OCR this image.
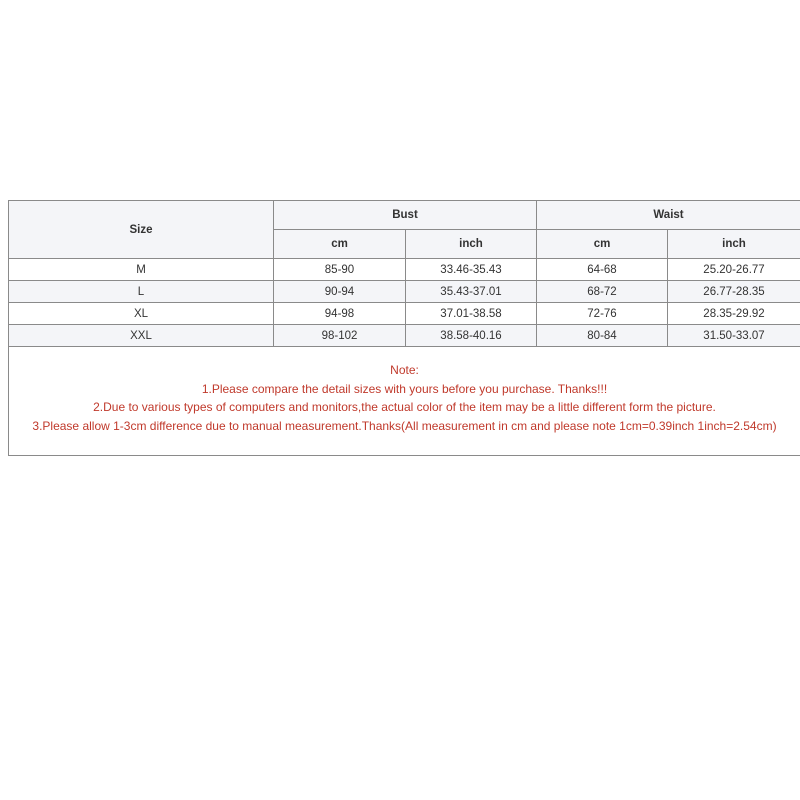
Size	Bust		Waist	
	cm	inch	cm	inch
M	85-90	33.46-35.43	64-68	25.20-26.77
L	90-94	35.43-37.01	68-72	26.77-28.35
XL	94-98	37.01-38.58	72-76	28.35-29.92
XXL	98-102	38.58-40.16	80-84	31.50-33.07

Note:
1.Please compare the detail sizes with yours before you purchase. Thanks!!!
2.Due to various types of computers and monitors,the actual color of the item may be a little different form the picture.
3.Please allow 1-3cm difference due to manual measurement.Thanks(All measurement in cm and please note 1cm=0.39inch 1inch=2.54cm)				
